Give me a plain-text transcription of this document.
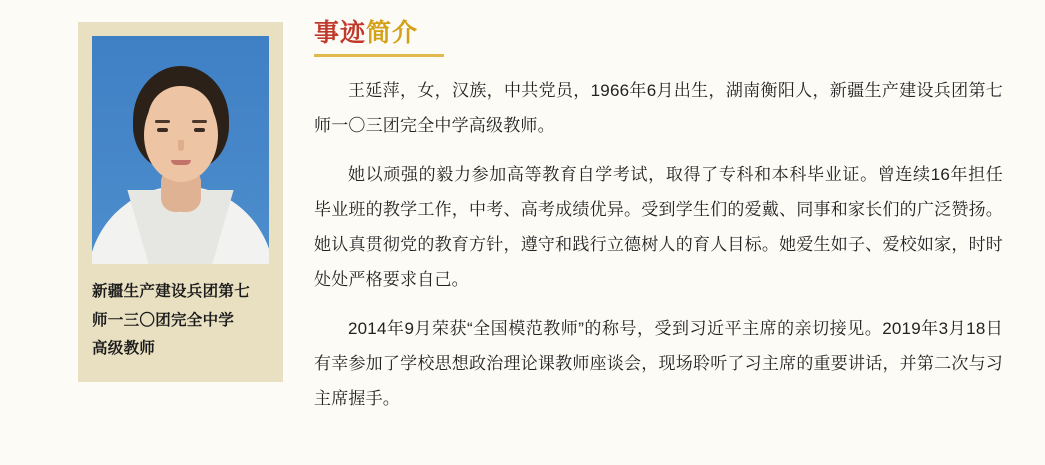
新疆生产建设兵团第七
师一三〇团完全中学
高级教师
事迹简介

王延萍，女，汉族，中共党员，1966年6月出生，湖南衡阳人，新疆生产建设兵团第七师一〇三团完全中学高级教师。

她以顽强的毅力参加高等教育自学考试，取得了专科和本科毕业证。曾连续16年担任毕业班的教学工作，中考、高考成绩优异。受到学生们的爱戴、同事和家长们的广泛赞扬。她认真贯彻党的教育方针，遵守和践行立德树人的育人目标。她爱生如子、爱校如家，时时处处严格要求自己。

2014年9月荣获“全国模范教师”的称号，受到习近平主席的亲切接见。2019年3月18日有幸参加了学校思想政治理论课教师座谈会，现场聆听了习主席的重要讲话，并第二次与习主席握手。
